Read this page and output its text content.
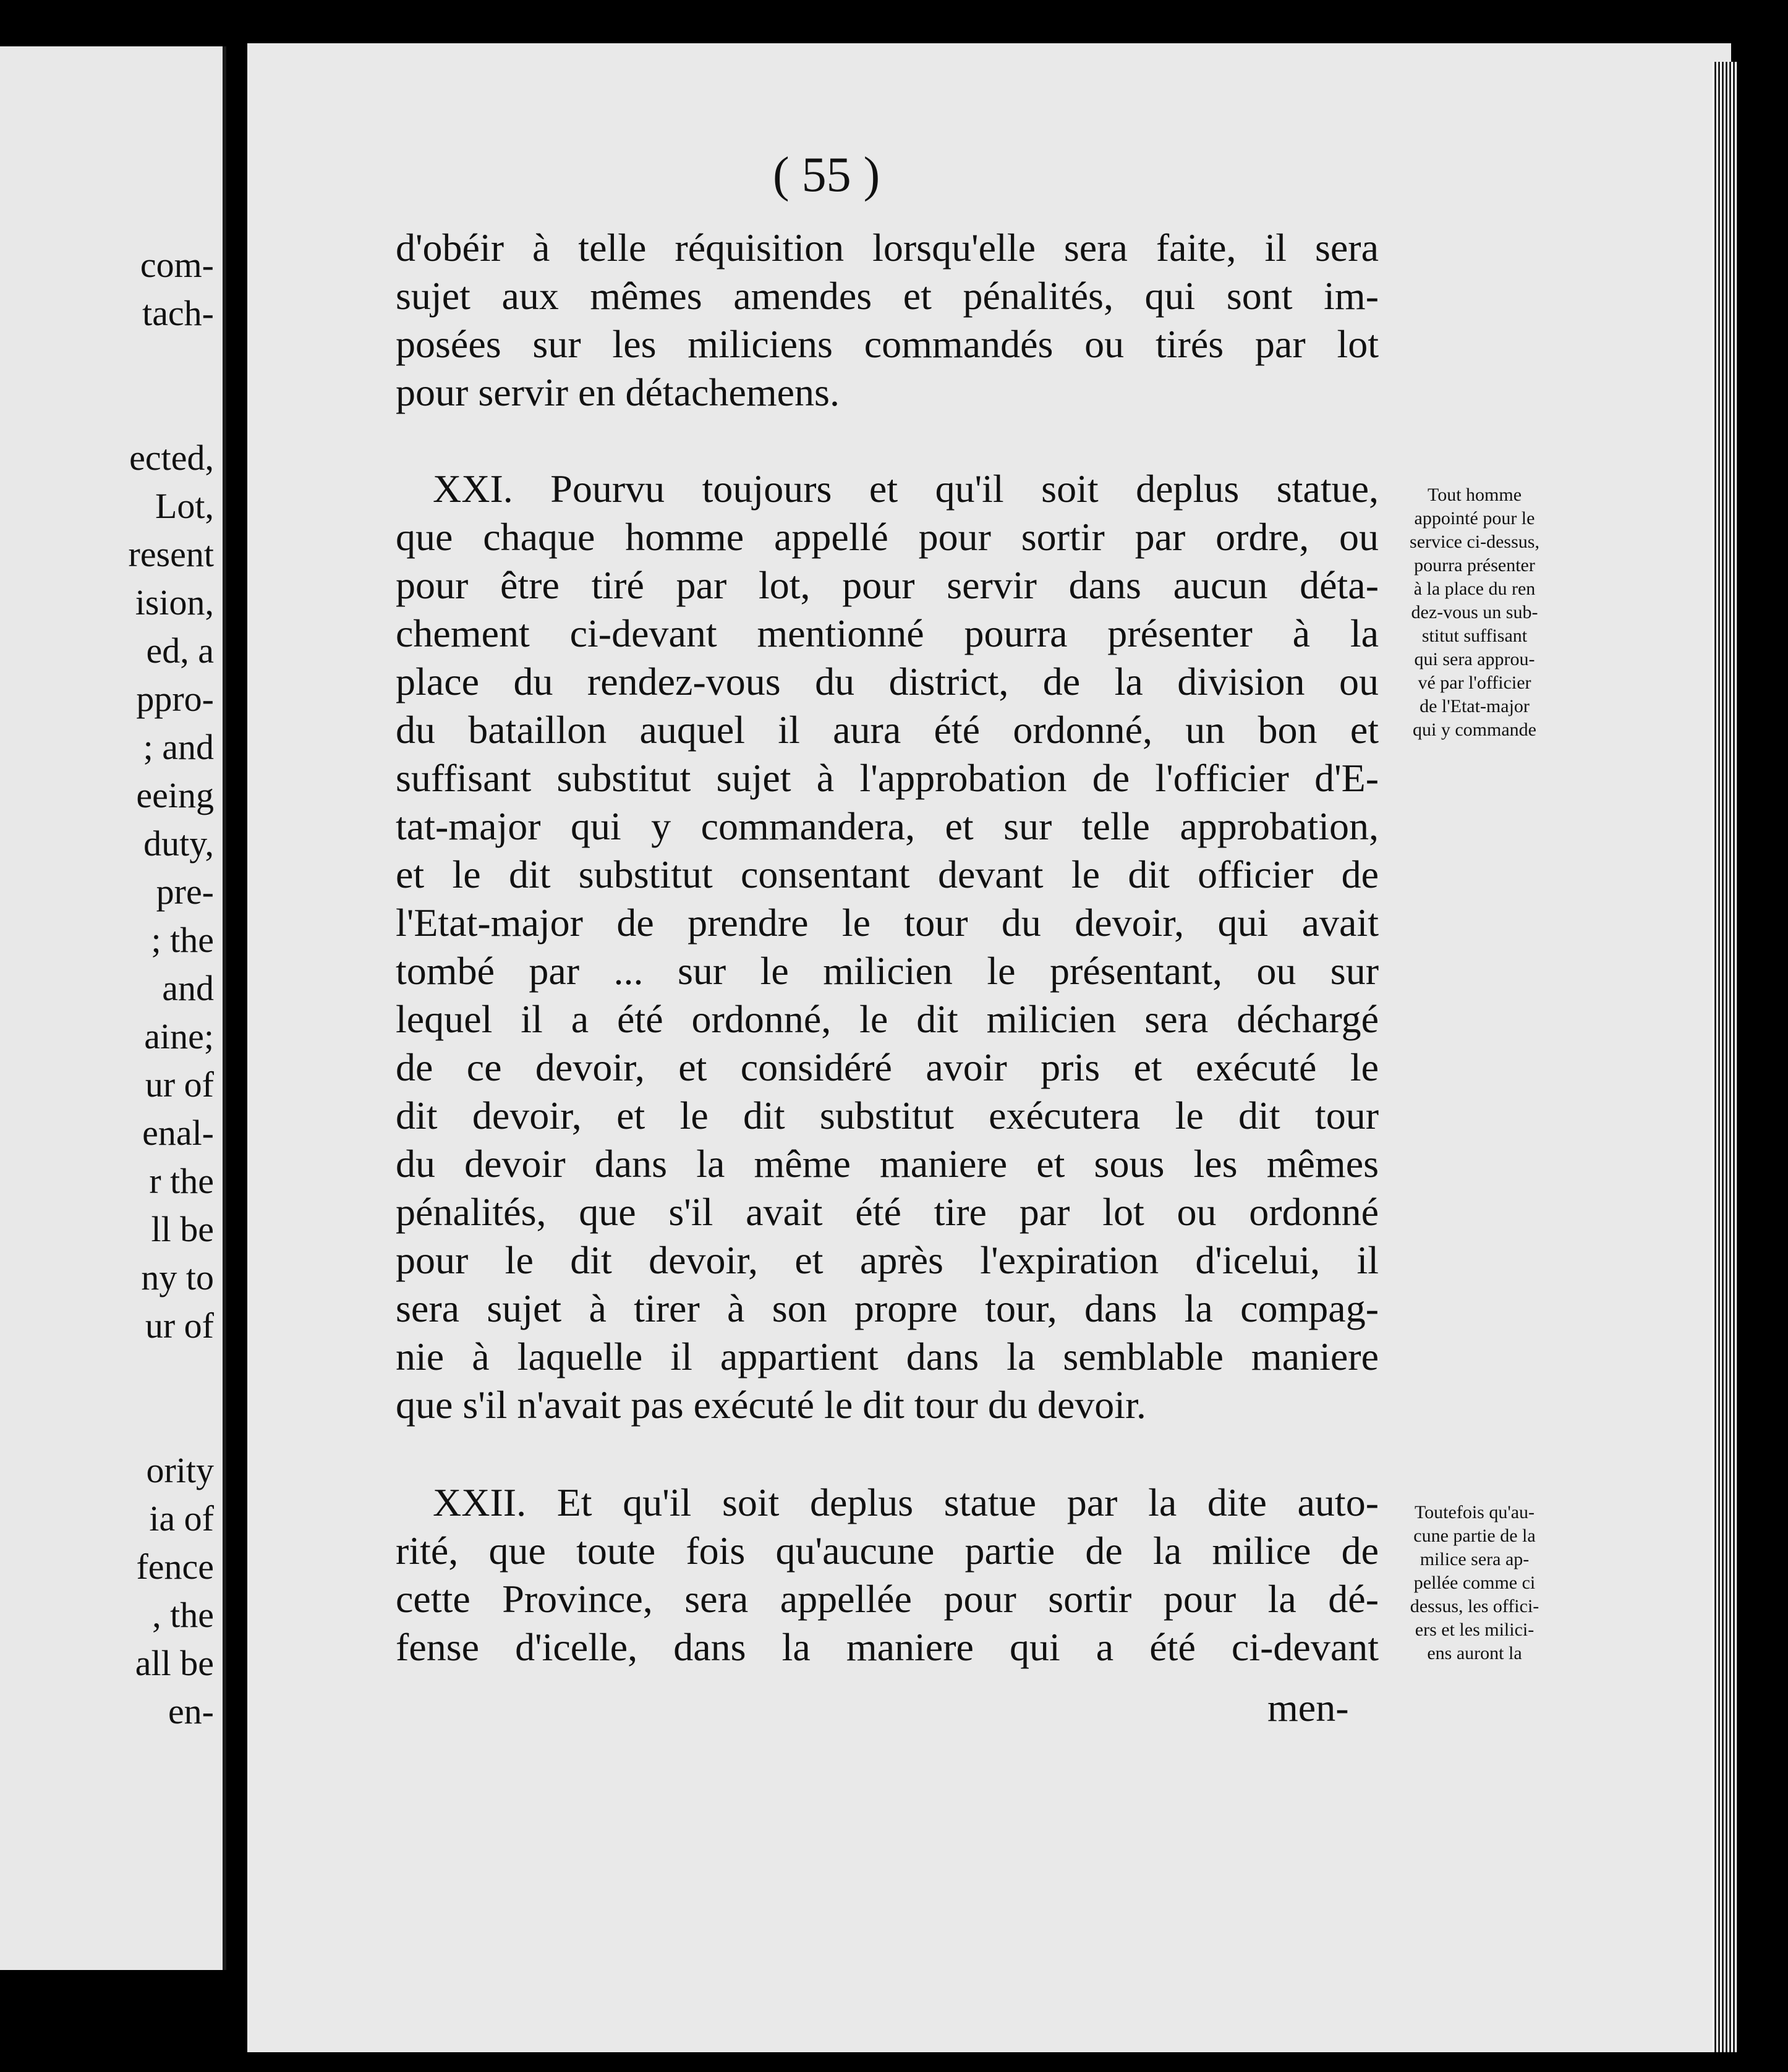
com-
tach-
ected,
Lot,
resent
ision,
ed, a
ppro-
; and
eeing
duty,
pre-
; the
and
aine;
ur of
enal-
r the
ll be
ny to
ur of
ority
ia of
fence
, the
all be
en-
( 55 )
d'obéir à telle réquisition lorsqu'elle sera faite, il sera
sujet aux mêmes amendes et pénalités, qui sont im-
posées sur les miliciens commandés ou tirés par lot
pour servir en détachemens.
XXI. Pourvu toujours et qu'il soit deplus statue,
que chaque homme appellé pour sortir par ordre, ou
pour être tiré par lot, pour servir dans aucun déta-
chement ci-devant mentionné pourra présenter à la
place du rendez-vous du district, de la division ou
du bataillon auquel il aura été ordonné, un bon et
suffisant substitut sujet à l'approbation de l'officier d'E-
tat-major qui y commandera, et sur telle approbation,
et le dit substitut consentant devant le dit officier de
l'Etat-major de prendre le tour du devoir, qui avait
tombé par ... sur le milicien le présentant, ou sur
lequel il a été ordonné, le dit milicien sera déchargé
de ce devoir, et considéré avoir pris et exécuté le
dit devoir, et le dit substitut exécutera le dit tour
du devoir dans la même maniere et sous les mêmes
pénalités, que s'il avait été tire par lot ou ordonné
pour le dit devoir, et après l'expiration d'icelui, il
sera sujet à tirer à son propre tour, dans la compag-
nie à laquelle il appartient dans la semblable maniere
que s'il n'avait pas exécuté le dit tour du devoir.
XXII. Et qu'il soit deplus statue par la dite auto-
rité, que toute fois qu'aucune partie de la milice de
cette Province, sera appellée pour sortir pour la dé-
fense d'icelle, dans la maniere qui a été ci-devant
Tout homme
appointé pour le
service ci-dessus,
pourra présenter
à la place du ren
dez-vous un sub-
stitut suffisant
qui sera approu-
vé par l'officier
de l'Etat-major
qui y commande
Toutefois qu'au-
cune partie de la
milice sera ap-
pellée comme ci
dessus, les offici-
ers et les milici-
ens auront la
men-
